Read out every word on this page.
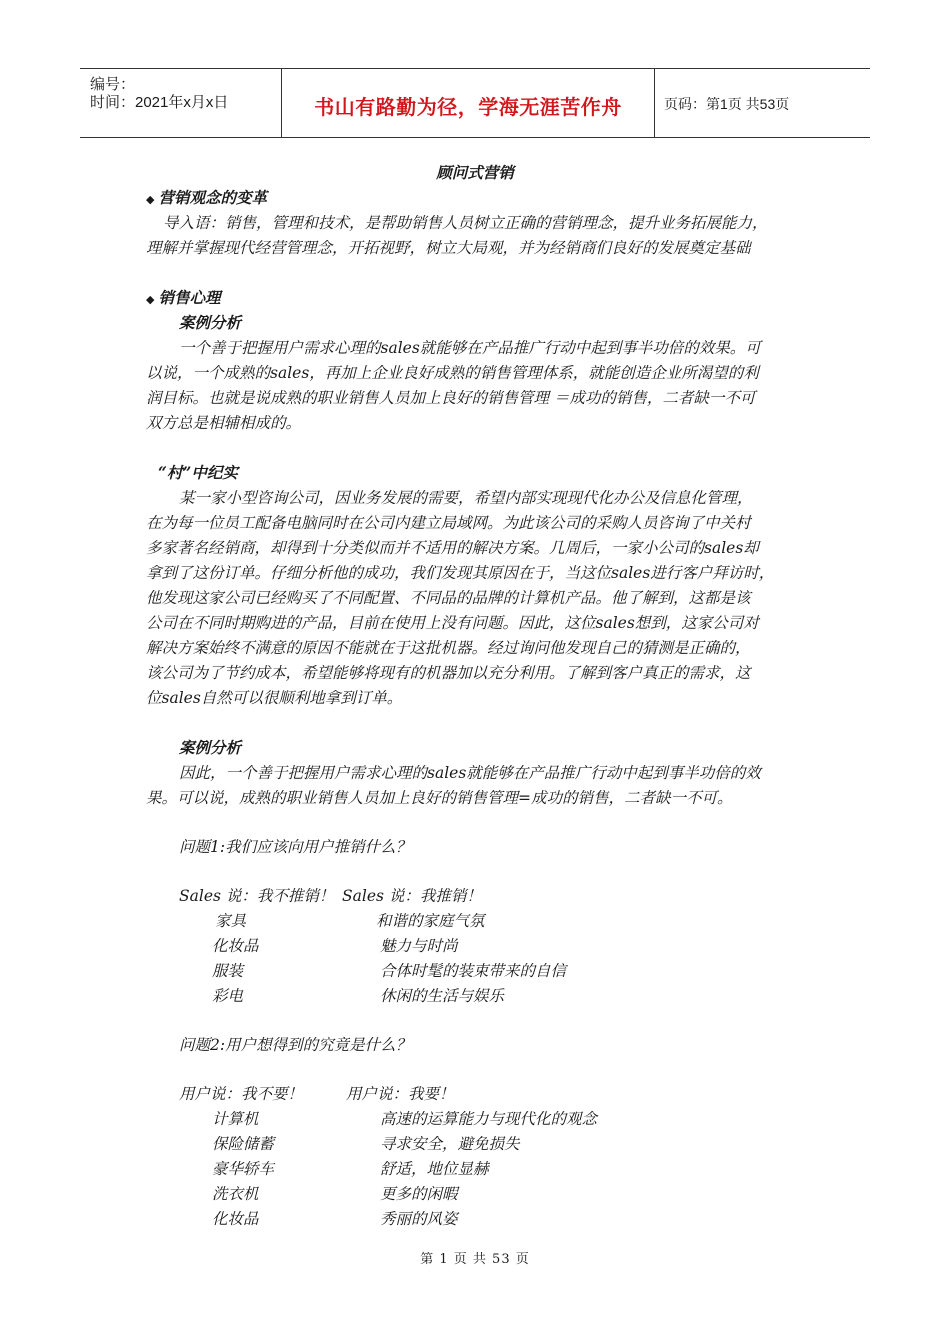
编号：
时间：2021年x月x日	书山有路勤为径，学海无涯苦作舟	页码：第1页 共53页
顾问式营销
◆ 营销观念的变革
导入语：销售，管理和技术，是帮助销售人员树立正确的营销理念，提升业务拓展能力，
理解并掌握现代经营管理念，开拓视野，树立大局观，并为经销商们良好的发展奠定基础
◆ 销售心理
案例分析
一个善于把握用户需求心理的sales就能够在产品推广行动中起到事半功倍的效果。可
以说，一个成熟的sales，再加上企业良好成熟的销售管理体系，就能创造企业所渴望的利
润目标。也就是说成熟的职业销售人员加上良好的销售管理 ＝成功的销售，二者缺一不可
双方总是相辅相成的。
“村”中纪实
某一家小型咨询公司，因业务发展的需要，希望内部实现现代化办公及信息化管理，
在为每一位员工配备电脑同时在公司内建立局域网。为此该公司的采购人员咨询了中关村
多家著名经销商，却得到十分类似而并不适用的解决方案。几周后，一家小公司的sales却
拿到了这份订单。仔细分析他的成功，我们发现其原因在于，当这位sales进行客户拜访时，
他发现这家公司已经购买了不同配置、不同品的品牌的计算机产品。他了解到，这都是该
公司在不同时期购进的产品，目前在使用上没有问题。因此，这位sales想到，这家公司对
解决方案始终不满意的原因不能就在于这批机器。经过询问他发现自己的猜测是正确的，
该公司为了节约成本，希望能够将现有的机器加以充分利用。了解到客户真正的需求，这
位sales自然可以很顺利地拿到订单。
案例分析
因此，一个善于把握用户需求心理的sales就能够在产品推广行动中起到事半功倍的效
果。可以说，成熟的职业销售人员加上良好的销售管理=成功的销售，二者缺一不可。
问题1:我们应该向用户推销什么？
Sales 说：我不推销！ Sales 说：我推销！
家具	和谐的家庭气氛
化妆品	魅力与时尚
服装	合体时髦的装束带来的自信
彩电	休闲的生活与娱乐
问题2:用户想得到的究竟是什么？
用户说：我不要！	用户说：我要！
计算机	高速的运算能力与现代化的观念
保险储蓄	寻求安全，避免损失
豪华轿车	舒适，地位显赫
洗衣机	更多的闲暇
化妆品	秀丽的风姿
第 1 页 共 53 页
